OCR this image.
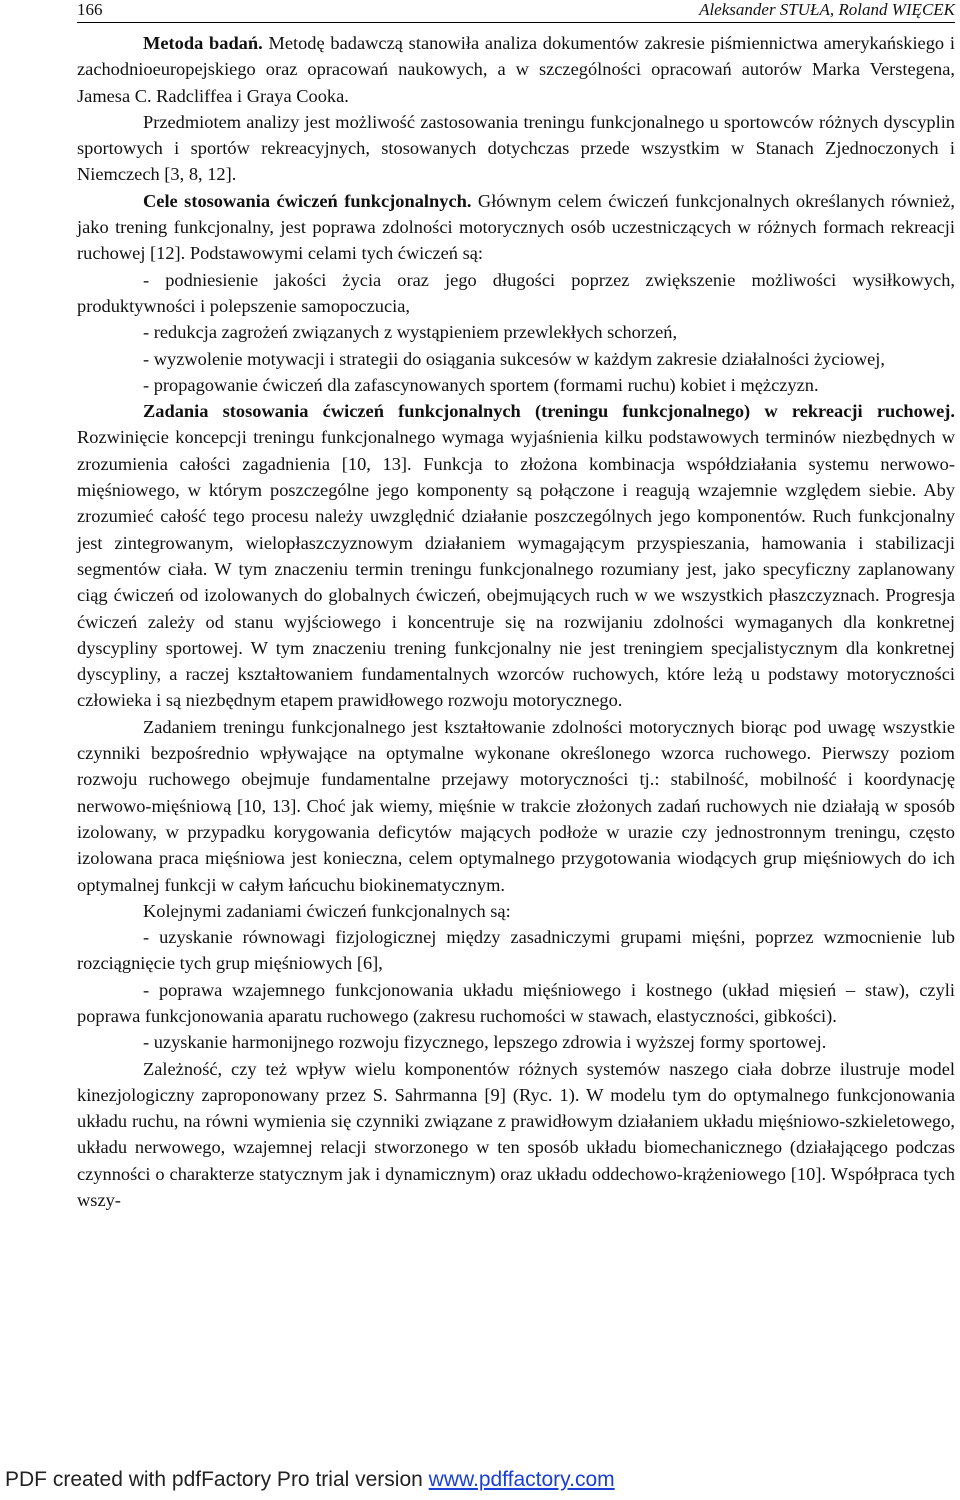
166	Aleksander STUŁA, Roland WIĘCEK

Metoda badań. Metodę badawczą stanowiła analiza dokumentów zakresie piśmiennictwa amerykańskiego i zachodnioeuropejskiego oraz opracowań naukowych, a w szczególności opracowań autorów Marka Verstegena, Jamesa C. Radcliffea i Graya Cooka.

Przedmiotem analizy jest możliwość zastosowania treningu funkcjonalnego u sportowców różnych dyscyplin sportowych i sportów rekreacyjnych, stosowanych dotychczas przede wszystkim w Stanach Zjednoczonych i Niemczech [3, 8, 12].

Cele stosowania ćwiczeń funkcjonalnych. Głównym celem ćwiczeń funkcjonalnych określanych również, jako trening funkcjonalny, jest poprawa zdolności motorycznych osób uczestniczących w różnych formach rekreacji ruchowej [12]. Podstawowymi celami tych ćwiczeń są:

- podniesienie jakości życia oraz jego długości poprzez zwiększenie możliwości wysiłkowych, produktywności i polepszenie samopoczucia,

- redukcja zagrożeń związanych z wystąpieniem przewlekłych schorzeń,

- wyzwolenie motywacji i strategii do osiągania sukcesów w każdym zakresie działalności życiowej,

- propagowanie ćwiczeń dla zafascynowanych sportem (formami ruchu) kobiet i mężczyzn.

Zadania stosowania ćwiczeń funkcjonalnych (treningu funkcjonalnego) w rekreacji ruchowej. Rozwinięcie koncepcji treningu funkcjonalnego wymaga wyjaśnienia kilku podstawowych terminów niezbędnych w zrozumienia całości zagadnienia [10, 13]. Funkcja to złożona kombinacja współdziałania systemu nerwowo-mięśniowego, w którym poszczególne jego komponenty są połączone i reagują wzajemnie względem siebie. Aby zrozumieć całość tego procesu należy uwzględnić działanie poszczególnych jego komponentów. Ruch funkcjonalny jest zintegrowanym, wielopłaszczyznowym działaniem wymagającym przyspieszania, hamowania i stabilizacji segmentów ciała. W tym znaczeniu termin treningu funkcjonalnego rozumiany jest, jako specyficzny zaplanowany ciąg ćwiczeń od izolowanych do globalnych ćwiczeń, obejmujących ruch w we wszystkich płaszczyznach. Progresja ćwiczeń zależy od stanu wyjściowego i koncentruje się na rozwijaniu zdolności wymaganych dla konkretnej dyscypliny sportowej. W tym znaczeniu trening funkcjonalny nie jest treningiem specjalistycznym dla konkretnej dyscypliny, a raczej kształtowaniem fundamentalnych wzorców ruchowych, które leżą u podstawy motoryczności człowieka i są niezbędnym etapem prawidłowego rozwoju motorycznego.

Zadaniem treningu funkcjonalnego jest kształtowanie zdolności motorycznych biorąc pod uwagę wszystkie czynniki bezpośrednio wpływające na optymalne wykonane określonego wzorca ruchowego. Pierwszy poziom rozwoju ruchowego obejmuje fundamentalne przejawy motoryczności tj.: stabilność, mobilność i koordynację nerwowo-mięśniową [10, 13]. Choć jak wiemy, mięśnie w trakcie złożonych zadań ruchowych nie działają w sposób izolowany, w przypadku korygowania deficytów mających podłoże w urazie czy jednostronnym treningu, często izolowana praca mięśniowa jest konieczna, celem optymalnego przygotowania wiodących grup mięśniowych do ich optymalnej funkcji w całym łańcuchu biokinematycznym.

Kolejnymi zadaniami ćwiczeń funkcjonalnych są:

- uzyskanie równowagi fizjologicznej między zasadniczymi grupami mięśni, poprzez wzmocnienie lub rozciągnięcie tych grup mięśniowych [6],

- poprawa wzajemnego funkcjonowania układu mięśniowego i kostnego (układ mięsień – staw), czyli poprawa funkcjonowania aparatu ruchowego (zakresu ruchomości w stawach, elastyczności, gibkości).

- uzyskanie harmonijnego rozwoju fizycznego, lepszego zdrowia i wyższej formy sportowej.

Zależność, czy też wpływ wielu komponentów różnych systemów naszego ciała dobrze ilustruje model kinezjologiczny zaproponowany przez S. Sahrmanna [9] (Ryc. 1). W modelu tym do optymalnego funkcjonowania układu ruchu, na równi wymienia się czynniki związane z prawidłowym działaniem układu mięśniowo-szkieletowego, układu nerwowego, wzajemnej relacji stworzonego w ten sposób układu biomechanicznego (działającego podczas czynności o charakterze statycznym jak i dynamicznym) oraz układu oddechowo-krążeniowego [10]. Współpraca tych wszy-

PDF created with pdfFactory Pro trial version www.pdffactory.com
